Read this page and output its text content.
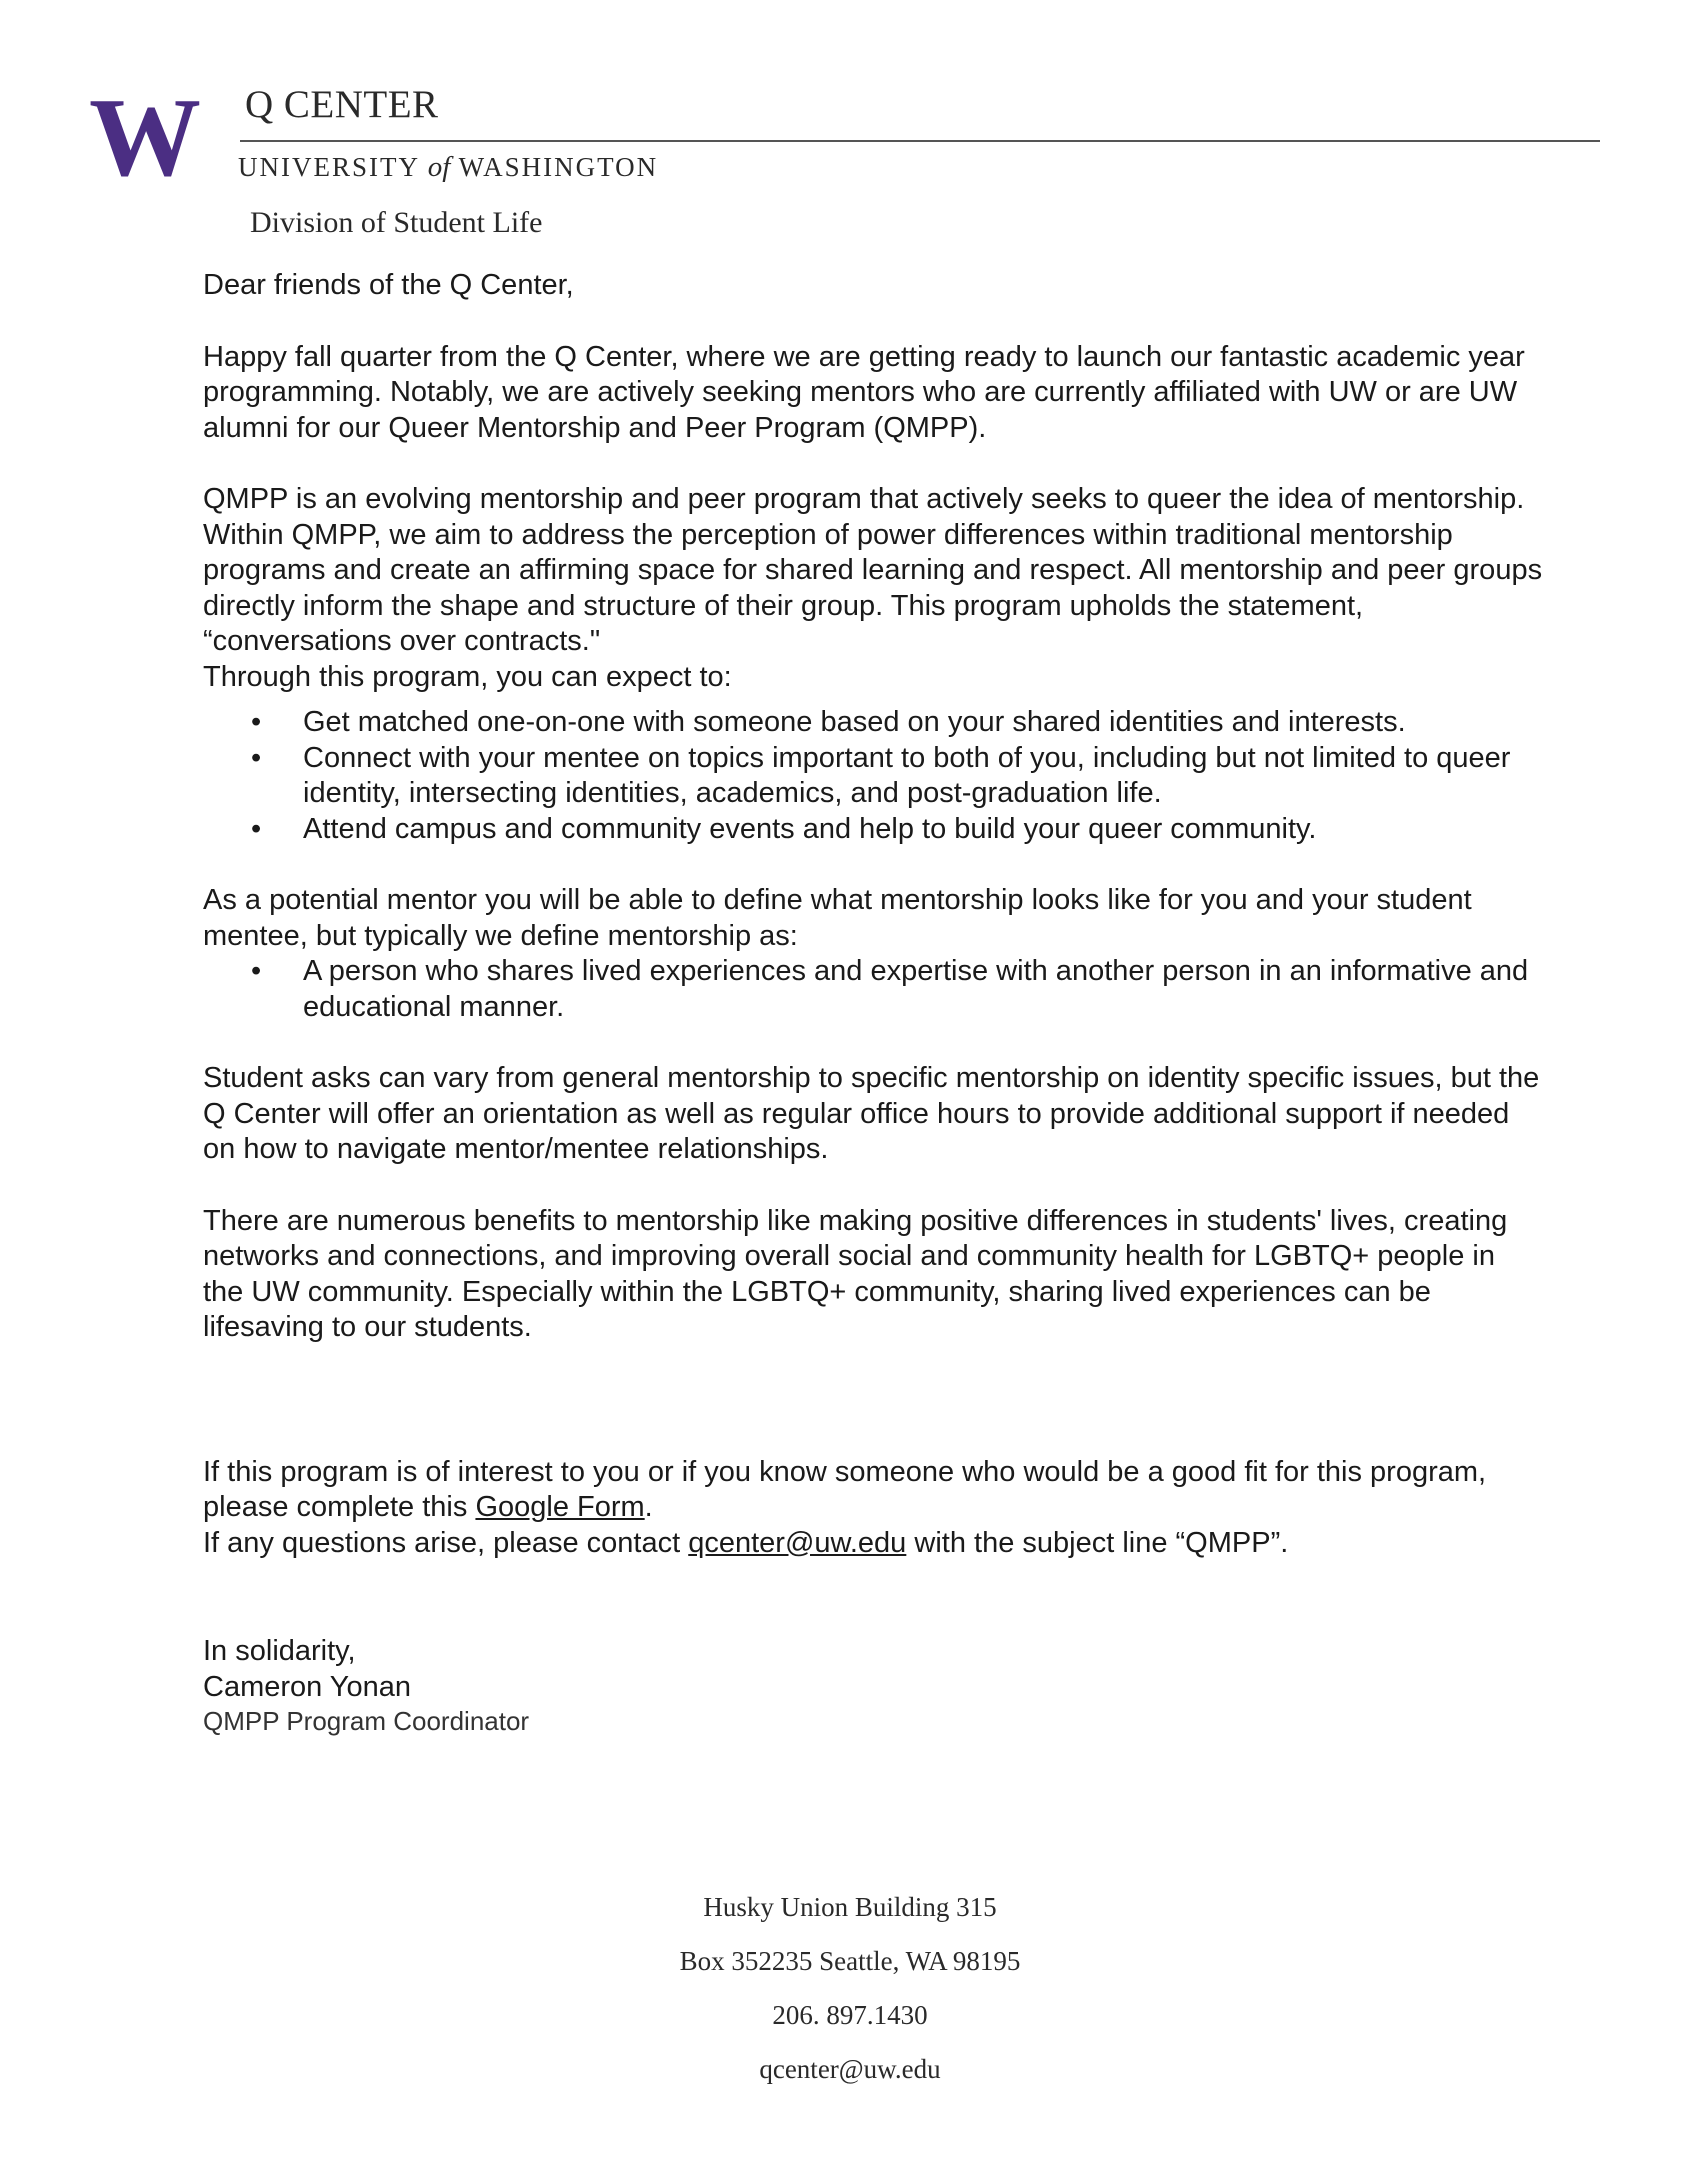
W Q CENTER
UNIVERSITY of WASHINGTON
Division of Student Life

Dear friends of the Q Center,

Happy fall quarter from the Q Center, where we are getting ready to launch our fantastic academic year programming. Notably, we are actively seeking mentors who are currently affiliated with UW or are UW alumni for our Queer Mentorship and Peer Program (QMPP).

QMPP is an evolving mentorship and peer program that actively seeks to queer the idea of mentorship. Within QMPP, we aim to address the perception of power differences within traditional mentorship programs and create an affirming space for shared learning and respect. All mentorship and peer groups directly inform the shape and structure of their group. This program upholds the statement, “conversations over contracts."

Through this program, you can expect to:

• Get matched one-on-one with someone based on your shared identities and interests.
• Connect with your mentee on topics important to both of you, including but not limited to queer identity, intersecting identities, academics, and post-graduation life.
• Attend campus and community events and help to build your queer community.

As a potential mentor you will be able to define what mentorship looks like for you and your student mentee, but typically we define mentorship as:

• A person who shares lived experiences and expertise with another person in an informative and educational manner.

Student asks can vary from general mentorship to specific mentorship on identity specific issues, but the Q Center will offer an orientation as well as regular office hours to provide additional support if needed on how to navigate mentor/mentee relationships.

There are numerous benefits to mentorship like making positive differences in students' lives, creating networks and connections, and improving overall social and community health for LGBTQ+ people in the UW community. Especially within the LGBTQ+ community, sharing lived experiences can be lifesaving to our students.

If this program is of interest to you or if you know someone who would be a good fit for this program, please complete this Google Form.

If any questions arise, please contact qcenter@uw.edu with the subject line “QMPP”.

In solidarity,
Cameron Yonan
QMPP Program Coordinator
Husky Union Building 315
Box 352235 Seattle, WA 98195
206. 897.1430
qcenter@uw.edu
